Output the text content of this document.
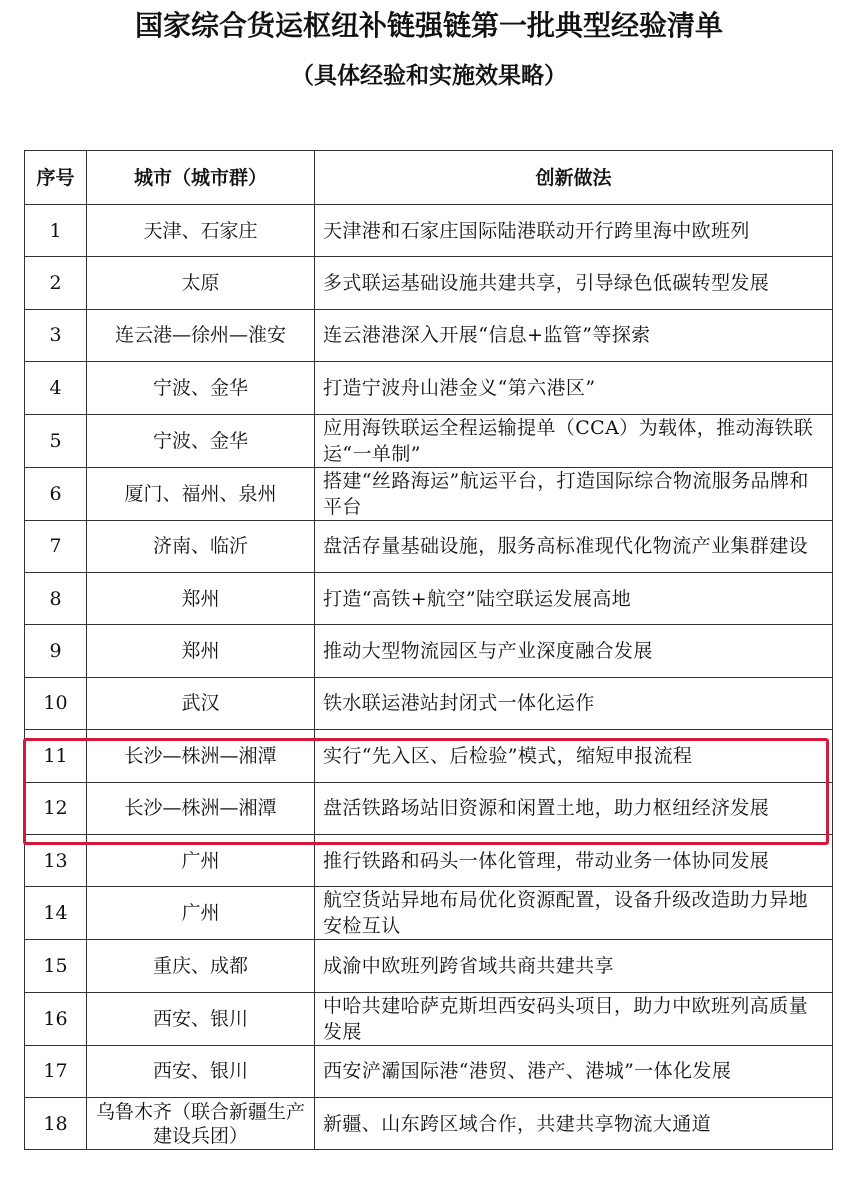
国家综合货运枢纽补链强链第一批典型经验清单
（具体经验和实施效果略）
序号	城市（城市群）	创新做法
1	天津、石家庄	天津港和石家庄国际陆港联动开行跨里海中欧班列
2	太原	多式联运基础设施共建共享，引导绿色低碳转型发展
3	连云港—徐州—淮安	连云港港深入开展“信息+监管”等探索
4	宁波、金华	打造宁波舟山港金义“第六港区”
5	宁波、金华	应用海铁联运全程运输提单（CCA）为载体，推动海铁联运“一单制”
6	厦门、福州、泉州	搭建“丝路海运”航运平台，打造国际综合物流服务品牌和平台
7	济南、临沂	盘活存量基础设施，服务高标准现代化物流产业集群建设
8	郑州	打造“高铁+航空”陆空联运发展高地
9	郑州	推动大型物流园区与产业深度融合发展
10	武汉	铁水联运港站封闭式一体化运作
11	长沙—株洲—湘潭	实行“先入区、后检验”模式，缩短申报流程
12	长沙—株洲—湘潭	盘活铁路场站旧资源和闲置土地，助力枢纽经济发展
13	广州	推行铁路和码头一体化管理，带动业务一体协同发展
14	广州	航空货站异地布局优化资源配置，设备升级改造助力异地安检互认
15	重庆、成都	成渝中欧班列跨省域共商共建共享
16	西安、银川	中哈共建哈萨克斯坦西安码头项目，助力中欧班列高质量发展
17	西安、银川	西安浐灞国际港“港贸、港产、港城”一体化发展
18	乌鲁木齐（联合新疆生产建设兵团）	新疆、山东跨区域合作，共建共享物流大通道
